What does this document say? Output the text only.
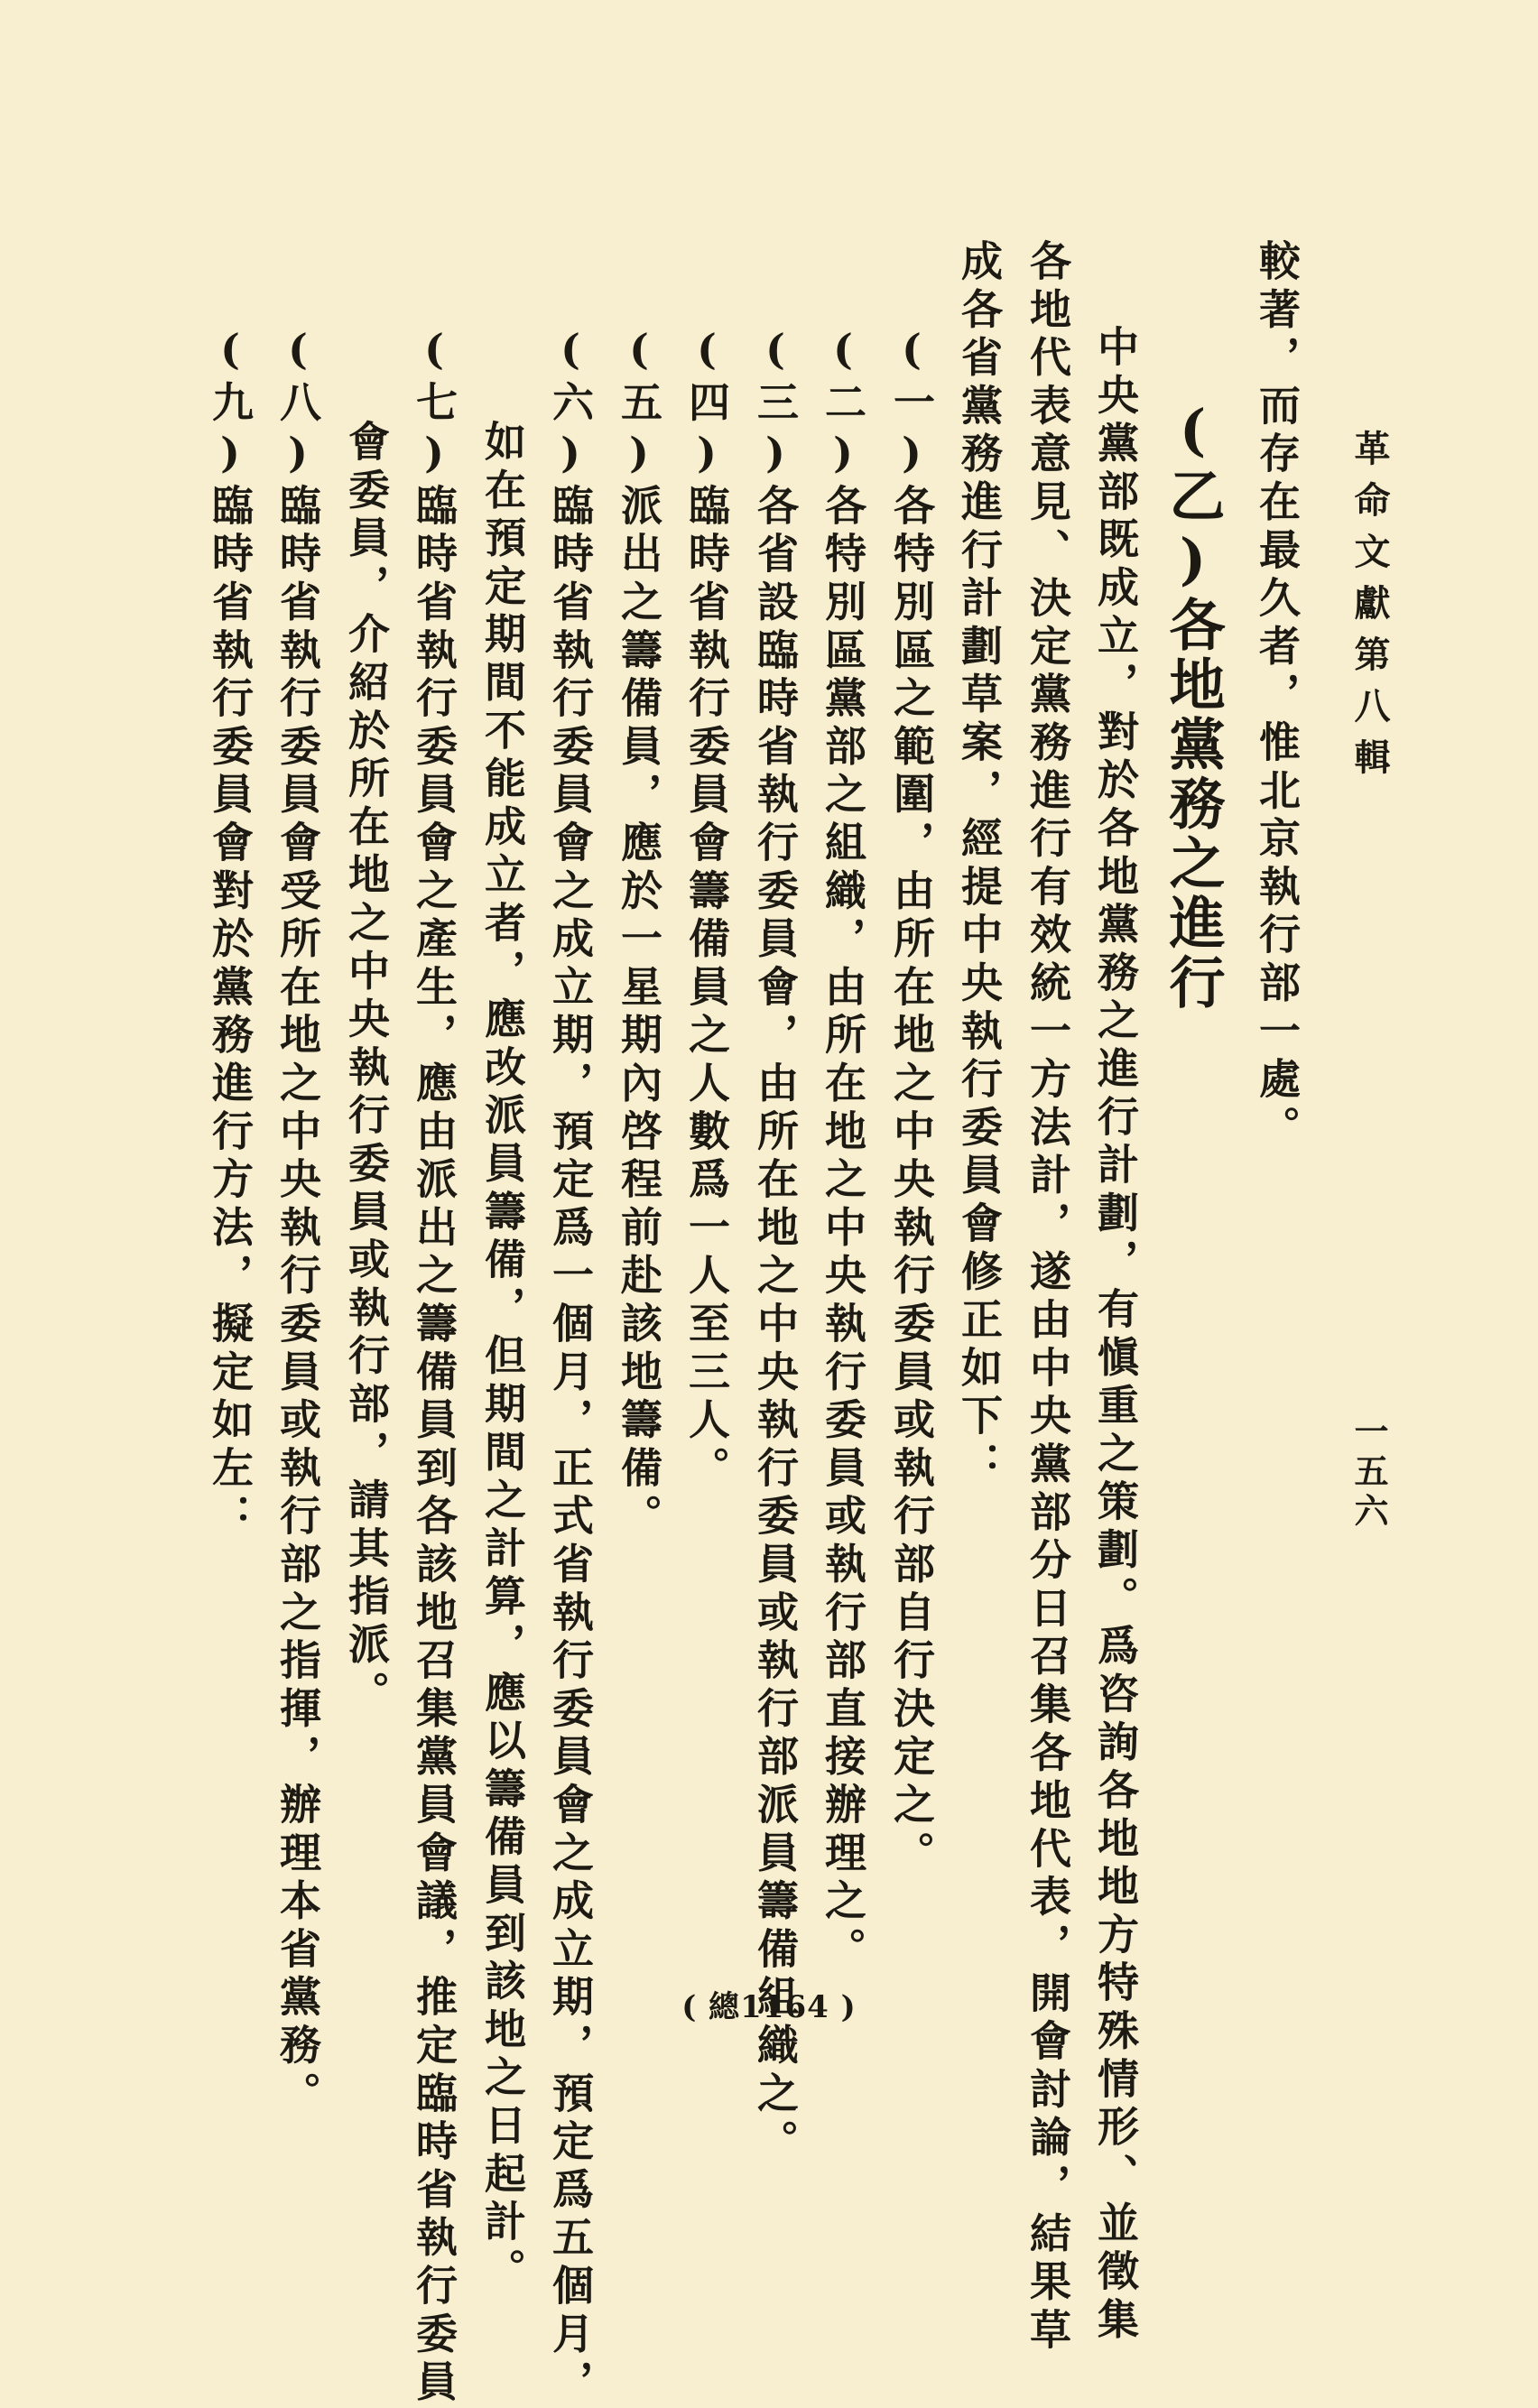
革命文獻第八輯
一五六
較著，而存在最久者，惟北京執行部一處。
(乙)各地黨務之進行
中央黨部既成立，對於各地黨務之進行計劃，有愼重之策劃。爲咨詢各地地方特殊情形、並徵集
各地代表意見、決定黨務進行有效統一方法計，遂由中央黨部分日召集各地代表，開會討論，結果草
成各省黨務進行計劃草案，經提中央執行委員會修正如下：
(一)各特別區之範圍，由所在地之中央執行委員或執行部自行決定之。
(二)各特別區黨部之組織，由所在地之中央執行委員或執行部直接辦理之。
(三)各省設臨時省執行委員會，由所在地之中央執行委員或執行部派員籌備組織之。
(四)臨時省執行委員會籌備員之人數爲一人至三人。
(五)派出之籌備員，應於一星期內啓程前赴該地籌備。
(六)臨時省執行委員會之成立期，預定爲一個月，正式省執行委員會之成立期，預定爲五個月，
如在預定期間不能成立者，應改派員籌備，但期間之計算，應以籌備員到該地之日起計。
(七)臨時省執行委員會之產生，應由派出之籌備員到各該地召集黨員會議，推定臨時省執行委員
會委員，介紹於所在地之中央執行委員或執行部，請其指派。
(八)臨時省執行委員會受所在地之中央執行委員或執行部之指揮，辦理本省黨務。
(九)臨時省執行委員會對於黨務進行方法，擬定如左：
( 總1164 )
